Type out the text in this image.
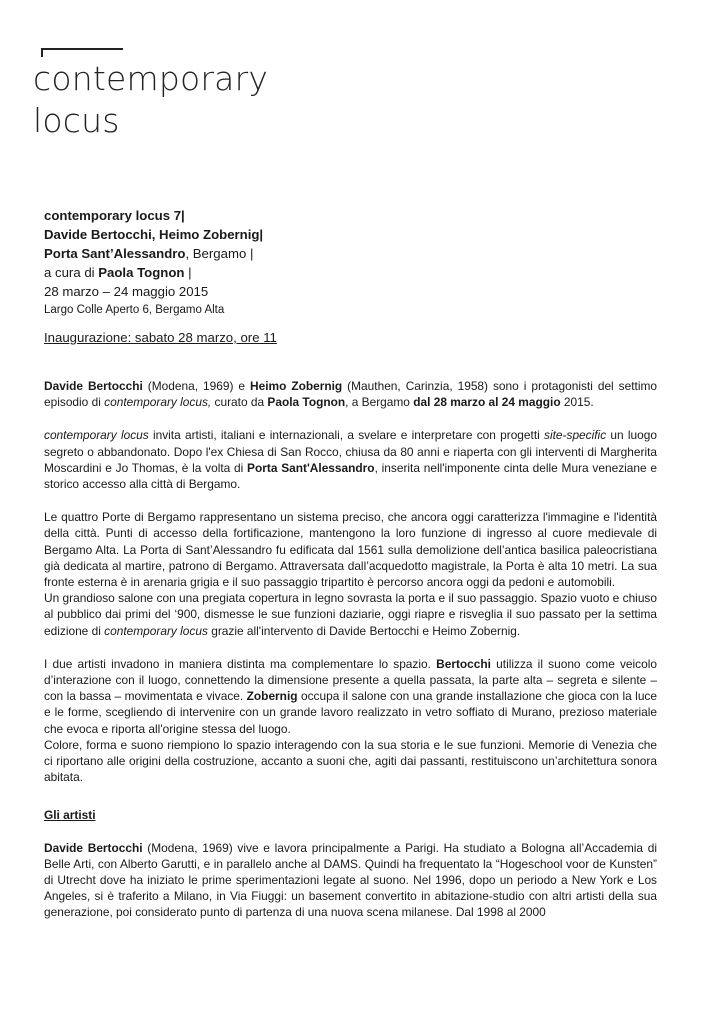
contemporary
locus
contemporary locus 7|
Davide Bertocchi, Heimo Zobernig|
Porta Sant’Alessandro, Bergamo |
a cura di Paola Tognon |
28 marzo – 24 maggio 2015
Largo Colle Aperto 6, Bergamo Alta
Inaugurazione: sabato 28 marzo, ore 11

Davide Bertocchi (Modena, 1969) e Heimo Zobernig (Mauthen, Carinzia, 1958) sono i protagonisti del settimo episodio di contemporary locus, curato da Paola Tognon, a Bergamo dal 28 marzo al 24 maggio 2015.

contemporary locus invita artisti, italiani e internazionali, a svelare e interpretare con progetti site-specific un luogo segreto o abbandonato. Dopo l'ex Chiesa di San Rocco, chiusa da 80 anni e riaperta con gli interventi di Margherita Moscardini e Jo Thomas, è la volta di Porta Sant'Alessandro, inserita nell'imponente cinta delle Mura veneziane e storico accesso alla città di Bergamo.

Le quattro Porte di Bergamo rappresentano un sistema preciso, che ancora oggi caratterizza l'immagine e l'identità della città. Punti di accesso della fortificazione, mantengono la loro funzione di ingresso al cuore medievale di Bergamo Alta. La Porta di Sant’Alessandro fu edificata dal 1561 sulla demolizione dell’antica basilica paleocristiana già dedicata al martire, patrono di Bergamo. Attraversata dall’acquedotto magistrale, la Porta è alta 10 metri. La sua fronte esterna è in arenaria grigia e il suo passaggio tripartito è percorso ancora oggi da pedoni e automobili.

Un grandioso salone con una pregiata copertura in legno sovrasta la porta e il suo passaggio. Spazio vuoto e chiuso al pubblico dai primi del ‘900, dismesse le sue funzioni daziarie, oggi riapre e risveglia il suo passato per la settima edizione di contemporary locus grazie all'intervento di Davide Bertocchi e Heimo Zobernig.

I due artisti invadono in maniera distinta ma complementare lo spazio. Bertocchi utilizza il suono come veicolo d’interazione con il luogo, connettendo la dimensione presente a quella passata, la parte alta – segreta e silente – con la bassa – movimentata e vivace. Zobernig occupa il salone con una grande installazione che gioca con la luce e le forme, scegliendo di intervenire con un grande lavoro realizzato in vetro soffiato di Murano, prezioso materiale che evoca e riporta all'origine stessa del luogo.

Colore, forma e suono riempiono lo spazio interagendo con la sua storia e le sue funzioni. Memorie di Venezia che ci riportano alle origini della costruzione, accanto a suoni che, agiti dai passanti, restituiscono un’architettura sonora abitata.

Gli artisti

Davide Bertocchi (Modena, 1969) vive e lavora principalmente a Parigi. Ha studiato a Bologna all’Accademia di Belle Arti, con Alberto Garutti, e in parallelo anche al DAMS. Quindi ha frequentato la “Hogeschool voor de Kunsten” di Utrecht dove ha iniziato le prime sperimentazioni legate al suono. Nel 1996, dopo un periodo a New York e Los Angeles, si è traferito a Milano, in Via Fiuggi: un basement convertito in abitazione-studio con altri artisti della sua generazione, poi considerato punto di partenza di una nuova scena milanese. Dal 1998 al 2000
